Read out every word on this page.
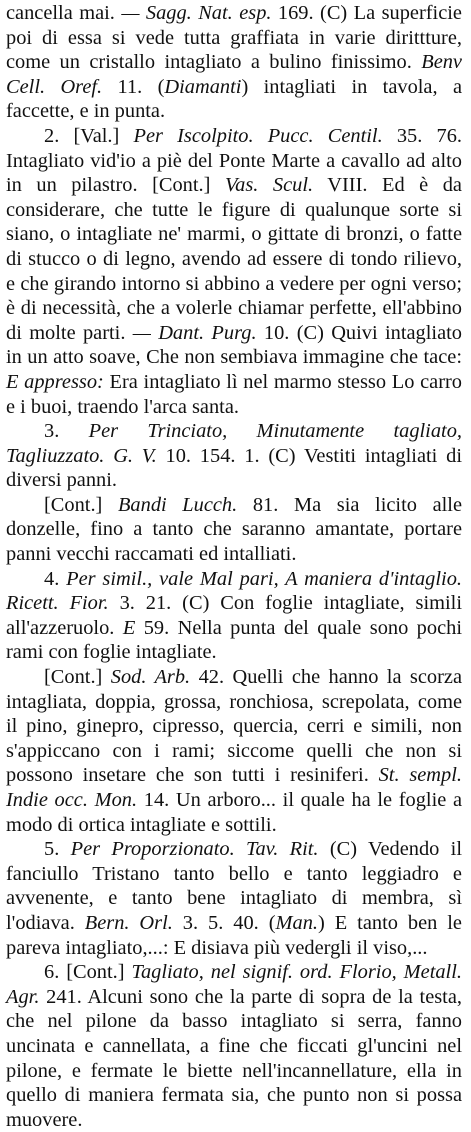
cancella mai. — Sagg. Nat. esp. 169. (C) La superficie poi di essa si vede tutta graffiata in varie dirittture, come un cristallo intagliato a bulino finissimo. Benv Cell. Oref. 11. (Diamanti) intagliati in tavola, a faccette, e in punta.

2. [Val.] Per Iscolpito. Pucc. Centil. 35. 76. Intagliato vid'io a piè del Ponte Marte a cavallo ad alto in un pilastro. [Cont.] Vas. Scul. VIII. Ed è da considerare, che tutte le figure di qualunque sorte si siano, o intagliate ne' marmi, o gittate di bronzi, o fatte di stucco o di legno, avendo ad essere di tondo rilievo, e che girando intorno si abbino a vedere per ogni verso; è di necessità, che a volerle chiamar perfette, ell'abbino di molte parti. — Dant. Purg. 10. (C) Quivi intagliato in un atto soave, Che non sembiava immagine che tace: E appresso: Era intagliato lì nel marmo stesso Lo carro e i buoi, traendo l'arca santa.

3. Per Trinciato, Minutamente tagliato, Tagliuzzato. G. V. 10. 154. 1. (C) Vestiti intagliati di diversi panni.

[Cont.] Bandi Lucch. 81. Ma sia licito alle donzelle, fino a tanto che saranno amantate, portare panni vecchi raccamati ed intalliati.

4. Per simil., vale Mal pari, A maniera d'intaglio. Ricett. Fior. 3. 21. (C) Con foglie intagliate, simili all'azzeruolo. E 59. Nella punta del quale sono pochi rami con foglie intagliate.

[Cont.] Sod. Arb. 42. Quelli che hanno la scorza intagliata, doppia, grossa, ronchiosa, screpolata, come il pino, ginepro, cipresso, quercia, cerri e simili, non s'appiccano con i rami; siccome quelli che non si possono insetare che son tutti i resiniferi. St. sempl. Indie occ. Mon. 14. Un arboro... il quale ha le foglie a modo di ortica intagliate e sottili.

5. Per Proporzionato. Tav. Rit. (C) Vedendo il fanciullo Tristano tanto bello e tanto leggiadro e avvenente, e tanto bene intagliato di membra, sì l'odiava. Bern. Orl. 3. 5. 40. (Man.) E tanto ben le pareva intagliato,...: E disiava più vedergli il viso,...

6. [Cont.] Tagliato, nel signif. ord. Florio, Metall. Agr. 241. Alcuni sono che la parte di sopra de la testa, che nel pilone da basso intagliato si serra, fanno uncinata e cannellata, a fine che ficcati gl'uncini nel pilone, e fermate le biette nell'incannellature, ella in quello di maniera fermata sia, che punto non si possa muovere.
